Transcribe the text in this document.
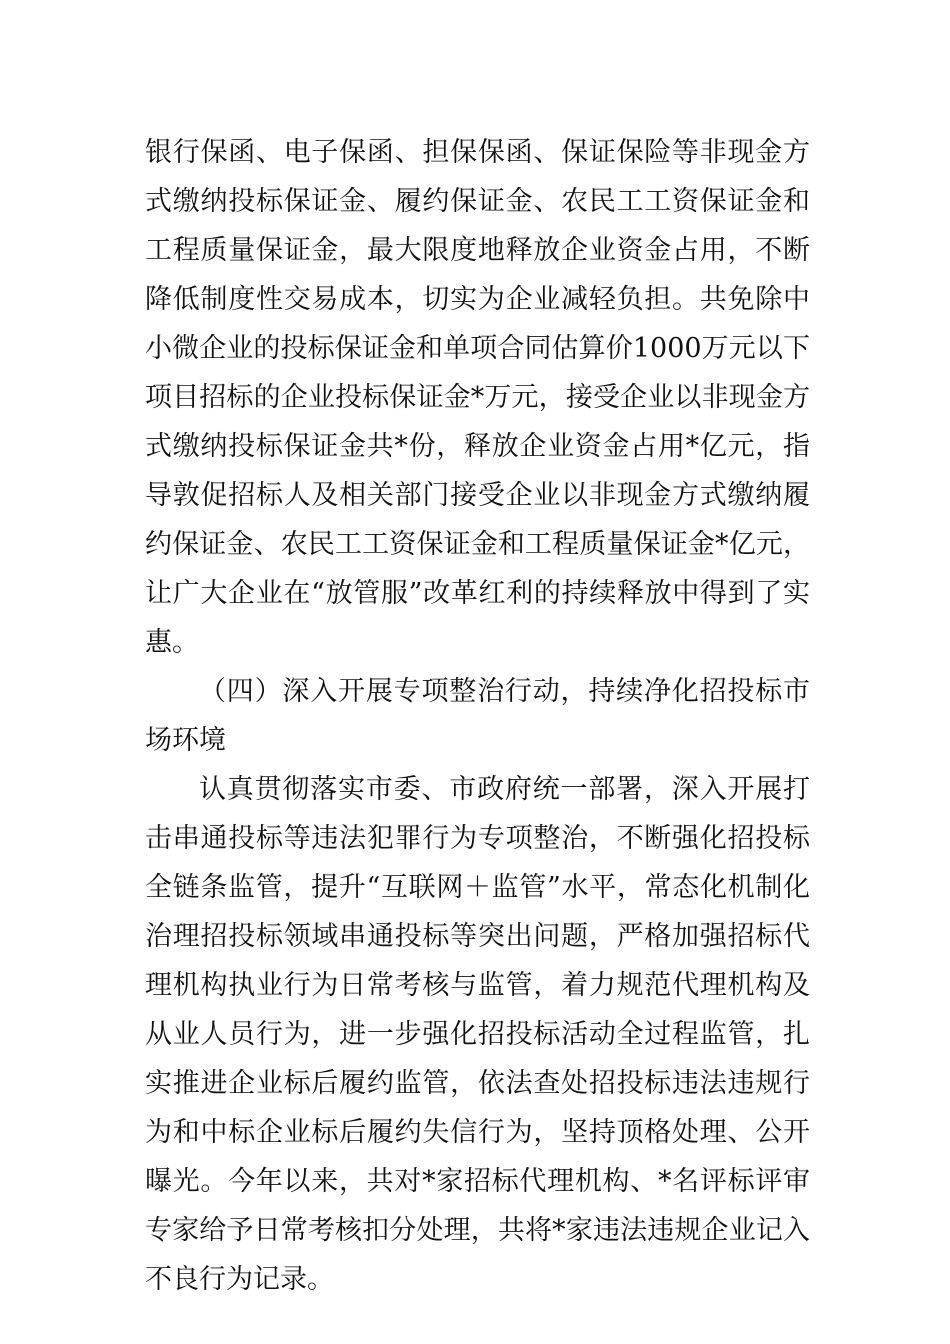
银行保函、电子保函、担保保函、保证保险等非现金方式缴纳投标保证金、履约保证金、农民工工资保证金和工程质量保证金，最大限度地释放企业资金占用，不断降低制度性交易成本，切实为企业减轻负担。共免除中小微企业的投标保证金和单项合同估算价1000万元以下项目招标的企业投标保证金*万元，接受企业以非现金方式缴纳投标保证金共*份，释放企业资金占用*亿元，指导敦促招标人及相关部门接受企业以非现金方式缴纳履约保证金、农民工工资保证金和工程质量保证金*亿元，让广大企业在“放管服”改革红利的持续释放中得到了实惠。

（四）深入开展专项整治行动，持续净化招投标市场环境

认真贯彻落实市委、市政府统一部署，深入开展打击串通投标等违法犯罪行为专项整治，不断强化招投标全链条监管，提升“互联网＋监管”水平，常态化机制化治理招投标领域串通投标等突出问题，严格加强招标代理机构执业行为日常考核与监管，着力规范代理机构及从业人员行为，进一步强化招投标活动全过程监管，扎实推进企业标后履约监管，依法查处招投标违法违规行为和中标企业标后履约失信行为，坚持顶格处理、公开曝光。今年以来，共对*家招标代理机构、*名评标评审专家给予日常考核扣分处理，共将*家违法违规企业记入不良行为记录。
